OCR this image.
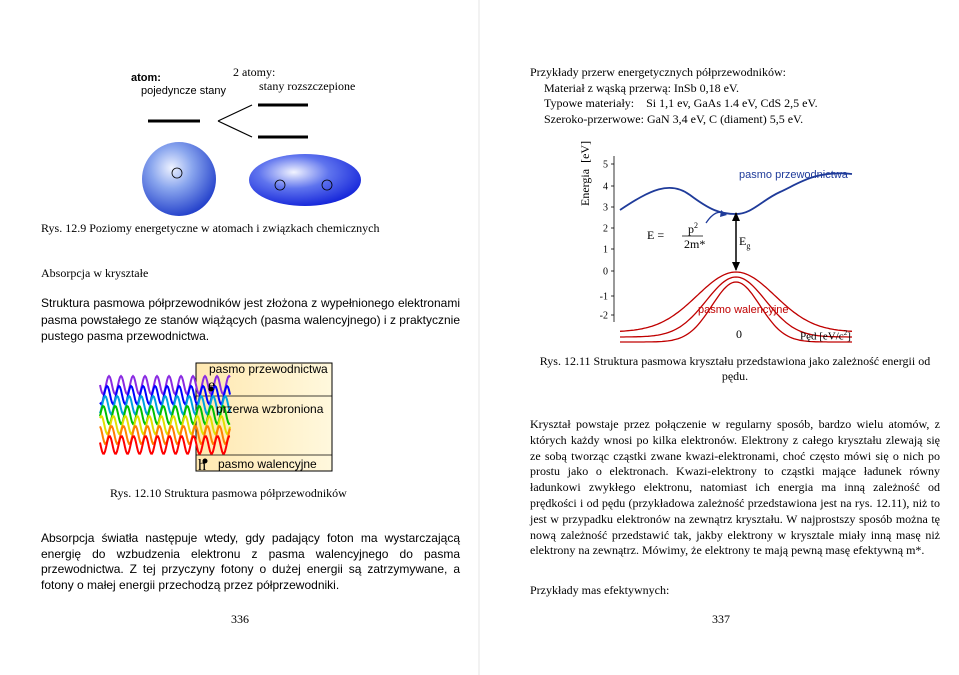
atom:
pojedyncze stany
2 atomy:
stany rozszczepione
Rys. 12.9 Poziomy energetyczne w atomach i związkach chemicznych
Absorpcja w kryształe
Struktura pasmowa półprzewodników jest złożona z wypełnionego elektronami pasma powstałego ze stanów wiążących (pasma walencyjnego) i z praktycznie pustego pasma przewodnictwa.
pasmo przewodnictwa
e
przerwa wzbroniona
h pasmo walencyjne
Rys. 12.10 Struktura pasmowa półprzewodników
Absorpcja światła następuje wtedy, gdy padający foton ma wystarczającą energię do wzbudzenia elektronu z pasma walencyjnego do pasma przewodnictwa. Z tej przyczyny fotony o dużej energii są zatrzymywane, a fotony o małej energii przechodzą przez półprzewodniki.
336
Przykłady przerw energetycznych półprzewodników:
Materiał z wąską przerwą: InSb 0,18 eV.
Typowe materiały:    Si 1,1 ev, GaAs 1.4 eV, CdS 2,5 eV.
Szeroko-przerwowe: GaN 3,4 eV, C (diament) 5,5 eV.
5
4
3
2
1
0
-1
-2
Energia  [eV]	pasmo przewodnictwa
pasmo walencyjne
$E = p^2$
2m*	$E_g$
0	Pęd $[eV/c^2]$
Rys. 12.11 Struktura pasmowa kryształu przedstawiona jako zależność energii od pędu.
Kryształ powstaje przez połączenie w regularny sposób, bardzo wielu atomów, z których każdy wnosi po kilka elektronów. Elektrony z całego kryształu zlewają się ze sobą tworząc cząstki zwane kwazi-elektronami, choć często mówi się o nich po prostu jako o elektronach. Kwazi-elektrony to cząstki mające ładunek równy ładunkowi zwykłego elektronu, natomiast ich energia ma inną zależność od prędkości i od pędu (przykładowa zależność przedstawiona jest na rys. 12.11), niż to jest w przypadku elektronów na zewnątrz kryształu. W najprostszy sposób można tę nową zależność przedstawić tak, jakby elektrony w krysztale miały inną masę niż elektrony na zewnątrz. Mówimy, że elektrony te mają pewną masę efektywną m*.
Przykłady mas efektywnych:
337
